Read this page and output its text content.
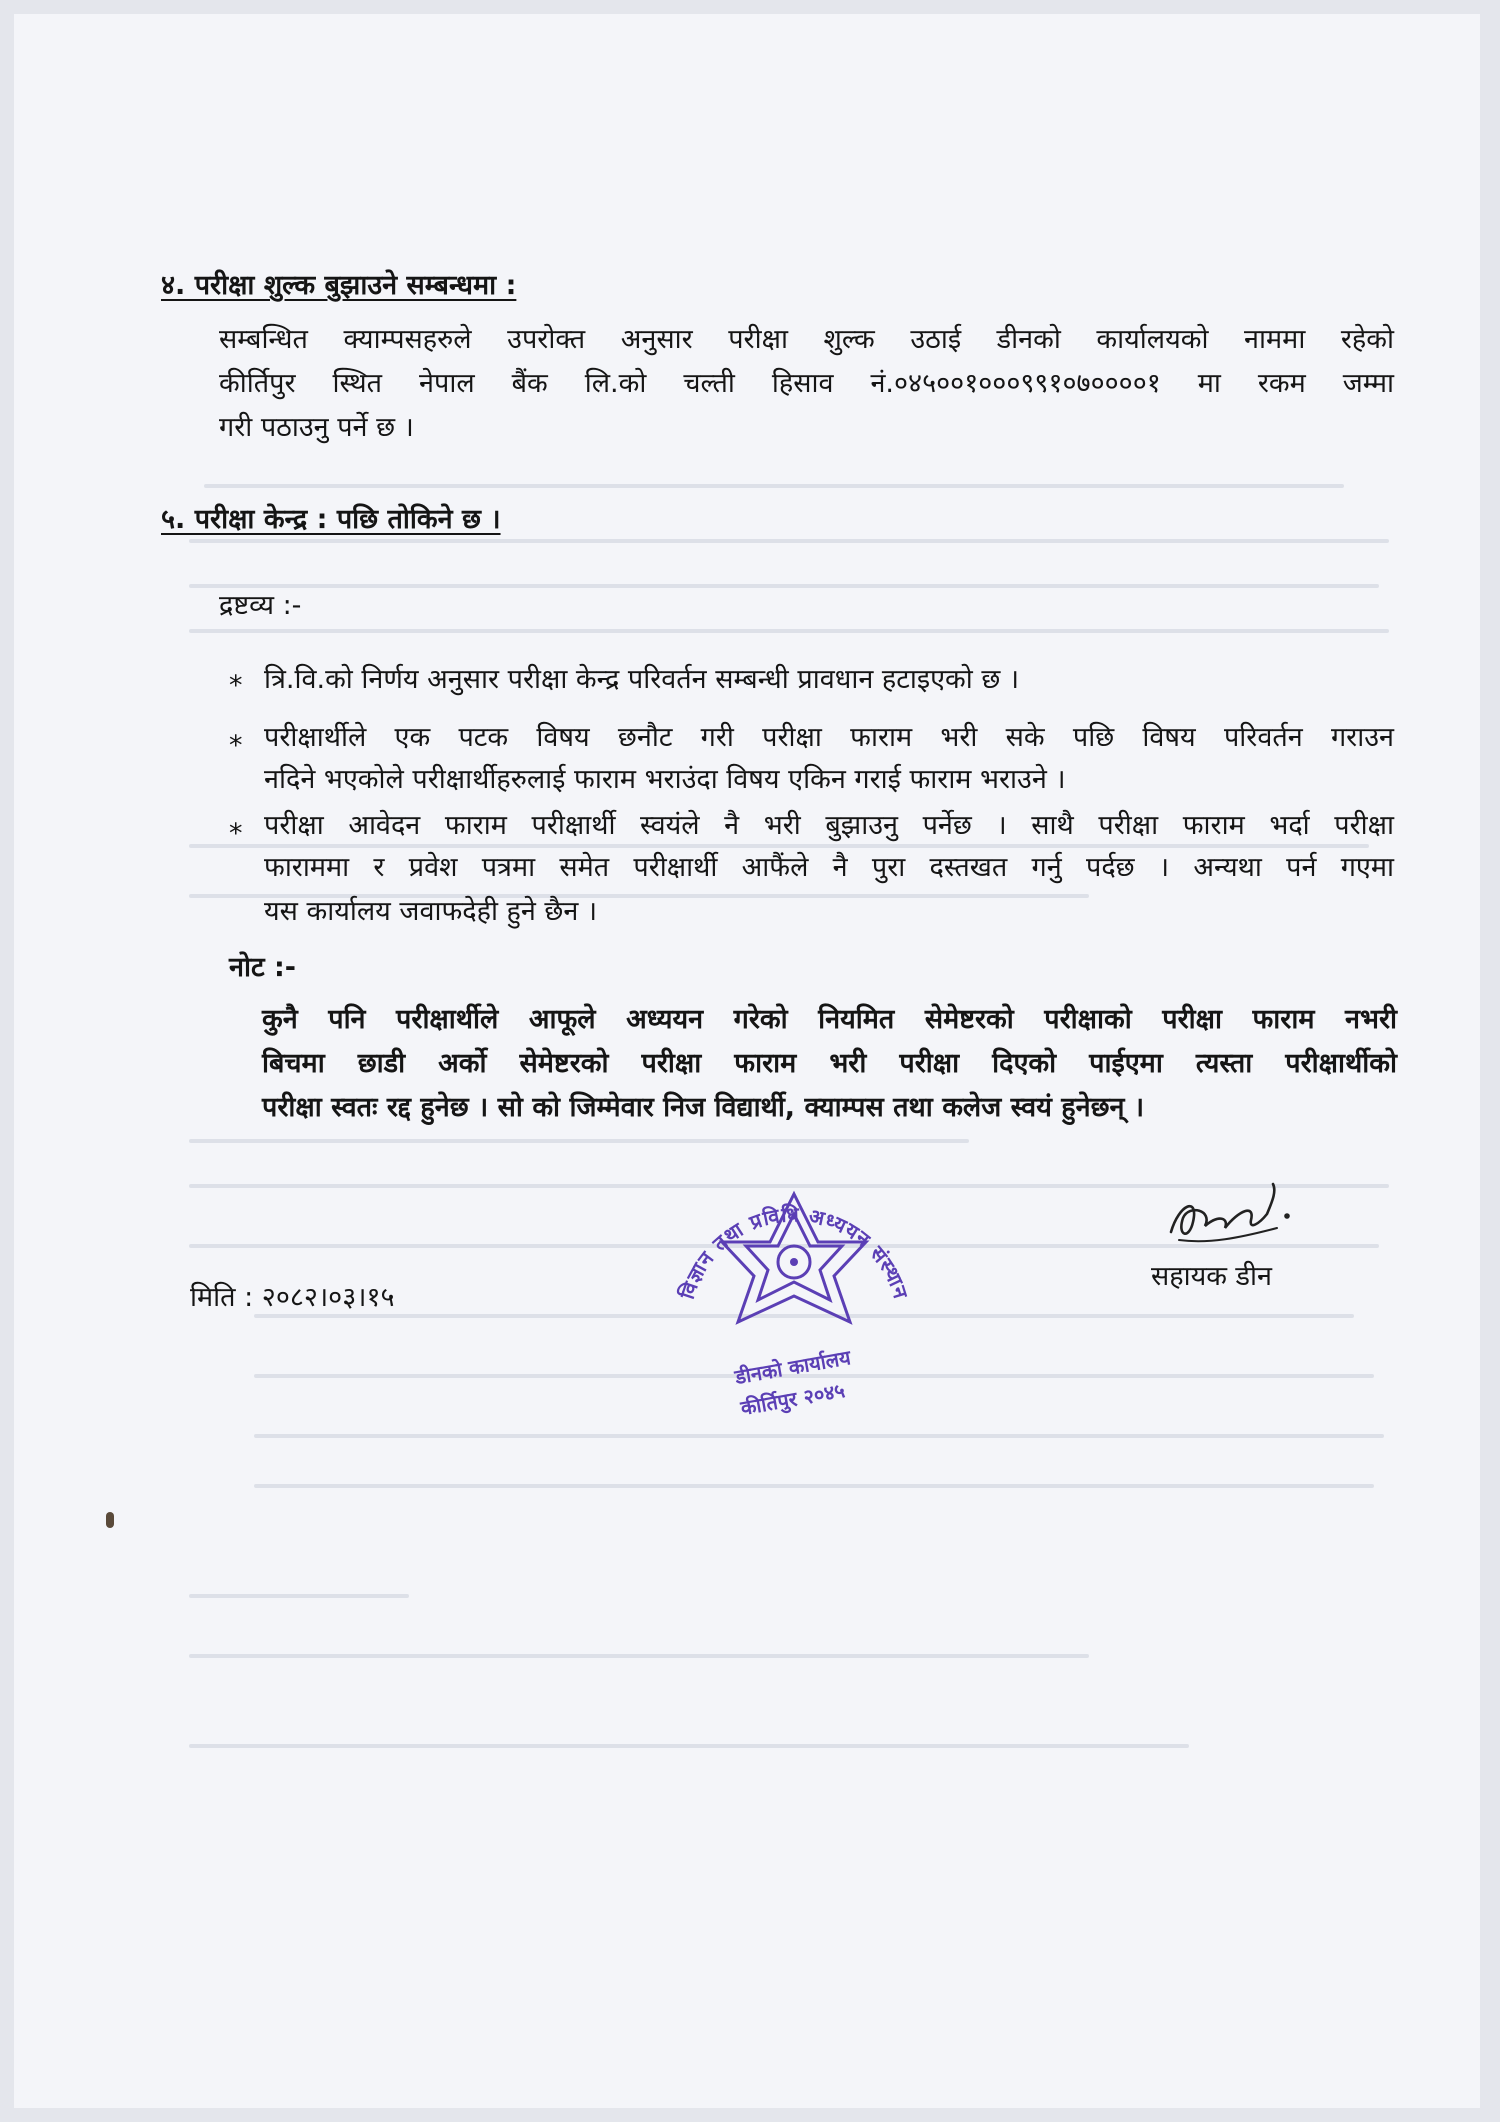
४. परीक्षा शुल्क बुझाउने सम्बन्धमा :
सम्बन्धित क्याम्पसहरुले उपरोक्त अनुसार परीक्षा शुल्क उठाई डीनको कार्यालयको नाममा रहेको
कीर्तिपुर स्थित नेपाल बैंक लि.को चल्ती हिसाव नं.०४५००१०००९९१०७००००१ मा रकम जम्मा
गरी पठाउनु पर्ने छ ।
५. परीक्षा केन्द्र : पछि तोकिने छ ।
द्रष्टव्य :-
* त्रि.वि.को निर्णय अनुसार परीक्षा केन्द्र परिवर्तन सम्बन्धी प्रावधान हटाइएको छ ।
* परीक्षार्थीले एक पटक विषय छनौट गरी परीक्षा फाराम भरी सके पछि विषय परिवर्तन गराउन
नदिने भएकोले परीक्षार्थीहरुलाई फाराम भराउंदा विषय एकिन गराई फाराम भराउने ।
* परीक्षा आवेदन फाराम परीक्षार्थी स्वयंले नै भरी बुझाउनु पर्नेछ । साथै परीक्षा फाराम भर्दा परीक्षा
फाराममा र प्रवेश पत्रमा समेत परीक्षार्थी आफैंले नै पुरा दस्तखत गर्नु पर्दछ । अन्यथा पर्न गएमा
यस कार्यालय जवाफदेही हुने छैन ।
नोट :-
कुनै पनि परीक्षार्थीले आफूले अध्ययन गरेको नियमित सेमेष्टरको परीक्षाको परीक्षा फाराम नभरी
बिचमा छाडी अर्को सेमेष्टरको परीक्षा फाराम भरी परीक्षा दिएको पाईएमा त्यस्ता परीक्षार्थीको
परीक्षा स्वतः रद्द हुनेछ । सो को जिम्मेवार निज विद्यार्थी, क्याम्पस तथा कलेज स्वयं हुनेछन् ।
सहायक डीन
मिति : २०८२।०३।१५	विज्ञान तथा प्रविधि अध्ययन संस्थान
डीनको कार्यालय
कीर्तिपुर २०४५
